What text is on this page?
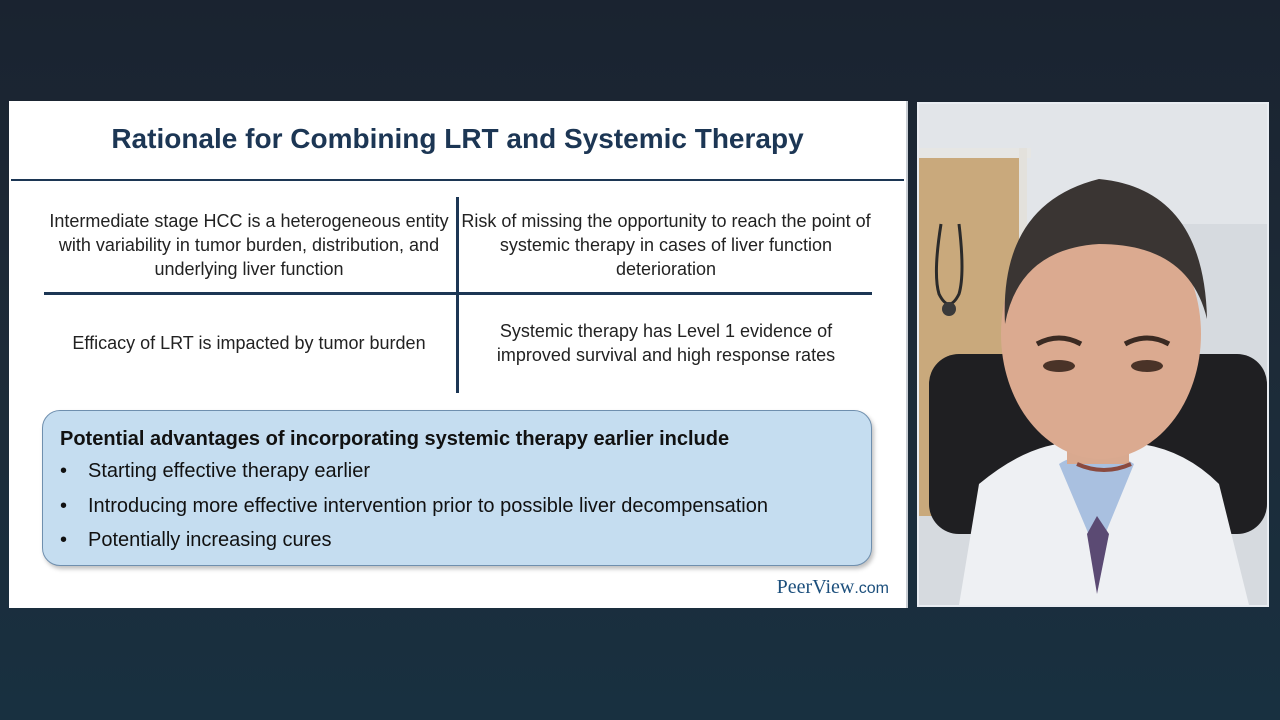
Rationale for Combining LRT and Systemic Therapy
Intermediate stage HCC is a heterogeneous entity with variability in tumor burden, distribution, and underlying liver function
Risk of missing the opportunity to reach the point of systemic therapy in cases of liver function deterioration
Efficacy of LRT is impacted by tumor burden
Systemic therapy has Level 1 evidence of improved survival and high response rates
Potential advantages of incorporating systemic therapy earlier include
• Starting effective therapy earlier
• Introducing more effective intervention prior to possible liver decompensation
• Potentially increasing cures
PeerView.com
